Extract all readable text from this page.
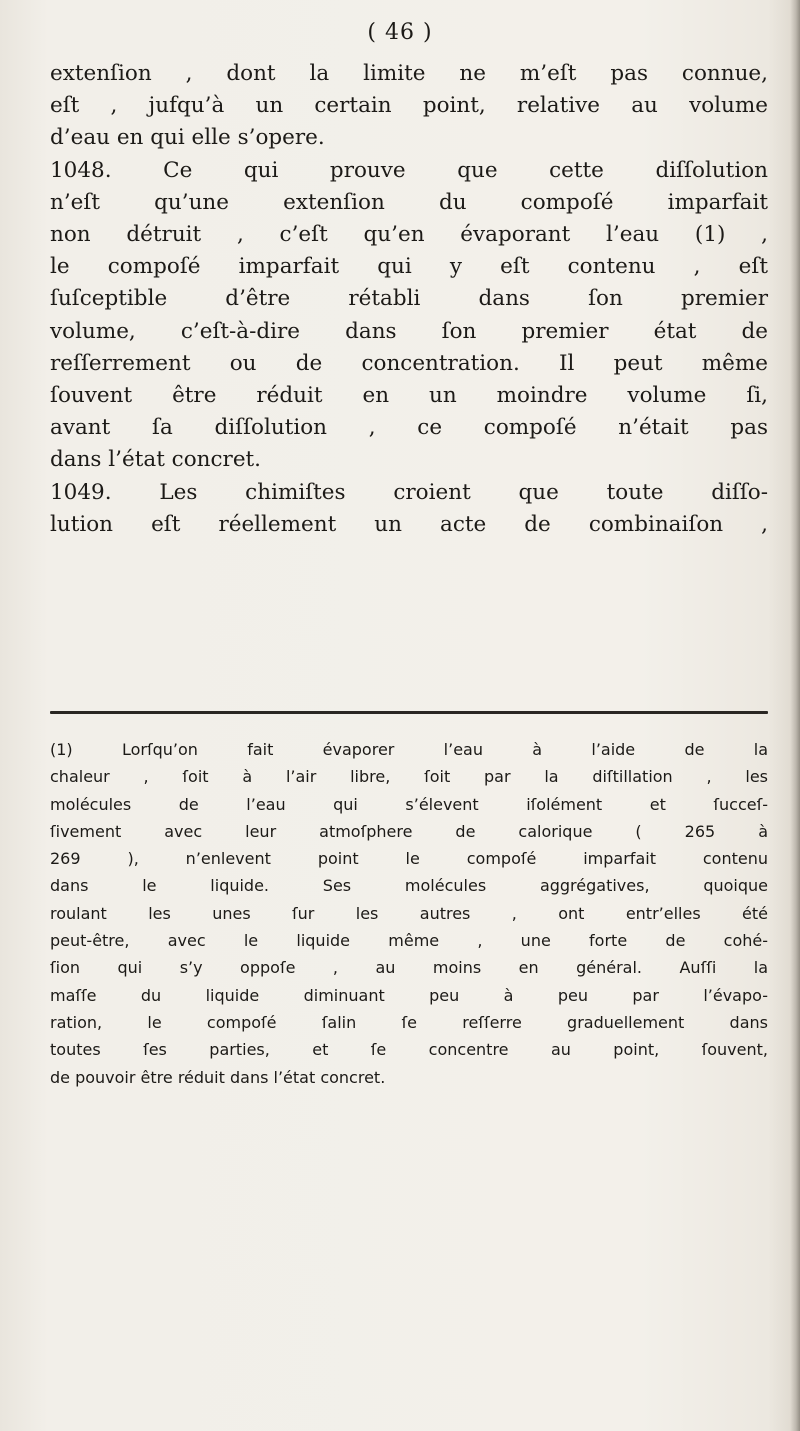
( 46 )
extenſion , dont la limite ne m’eſt pas connue,
eſt , jufqu’à un certain point, relative au volume
d’eau en qui elle s’opere.
1048. Ce qui prouve que cette diſſolution
n’eſt qu’une extenſion du compoſé imparfait
non détruit , c’eſt qu’en évaporant l’eau (1) ,
le compoſé imparfait qui y eſt contenu , eſt
ſuſceptible d’être rétabli dans ſon premier
volume, c’eſt-à-dire dans ſon premier état de
reſſerrement ou de concentration. Il peut même
ſouvent être réduit en un moindre volume ſi,
avant ſa diſſolution , ce compoſé n’était pas
dans l’état concret.
1049. Les chimiſtes croient que toute diſſo-
lution eſt réellement un acte de combinaiſon ,
(1) Lorſqu’on fait évaporer l’eau à l’aide de la
chaleur , ſoit à l’air libre, ſoit par la diſtillation , les
molécules de l’eau qui s’élevent iſolément et ſucceſ-
ſivement avec leur atmoſphere de calorique ( 265 à
269 ), n’enlevent point le compoſé imparfait contenu
dans le liquide. Ses molécules aggrégatives, quoique
roulant les unes ſur les autres , ont entr’elles été
peut-être, avec le liquide même , une forte de cohé-
ſion qui s’y oppoſe , au moins en général. Auſſi la
maſſe du liquide diminuant peu à peu par l’évapo-
ration, le compoſé ſalin ſe reſſerre graduellement dans
toutes ſes parties, et ſe concentre au point, ſouvent,
de pouvoir être réduit dans l’état concret.
